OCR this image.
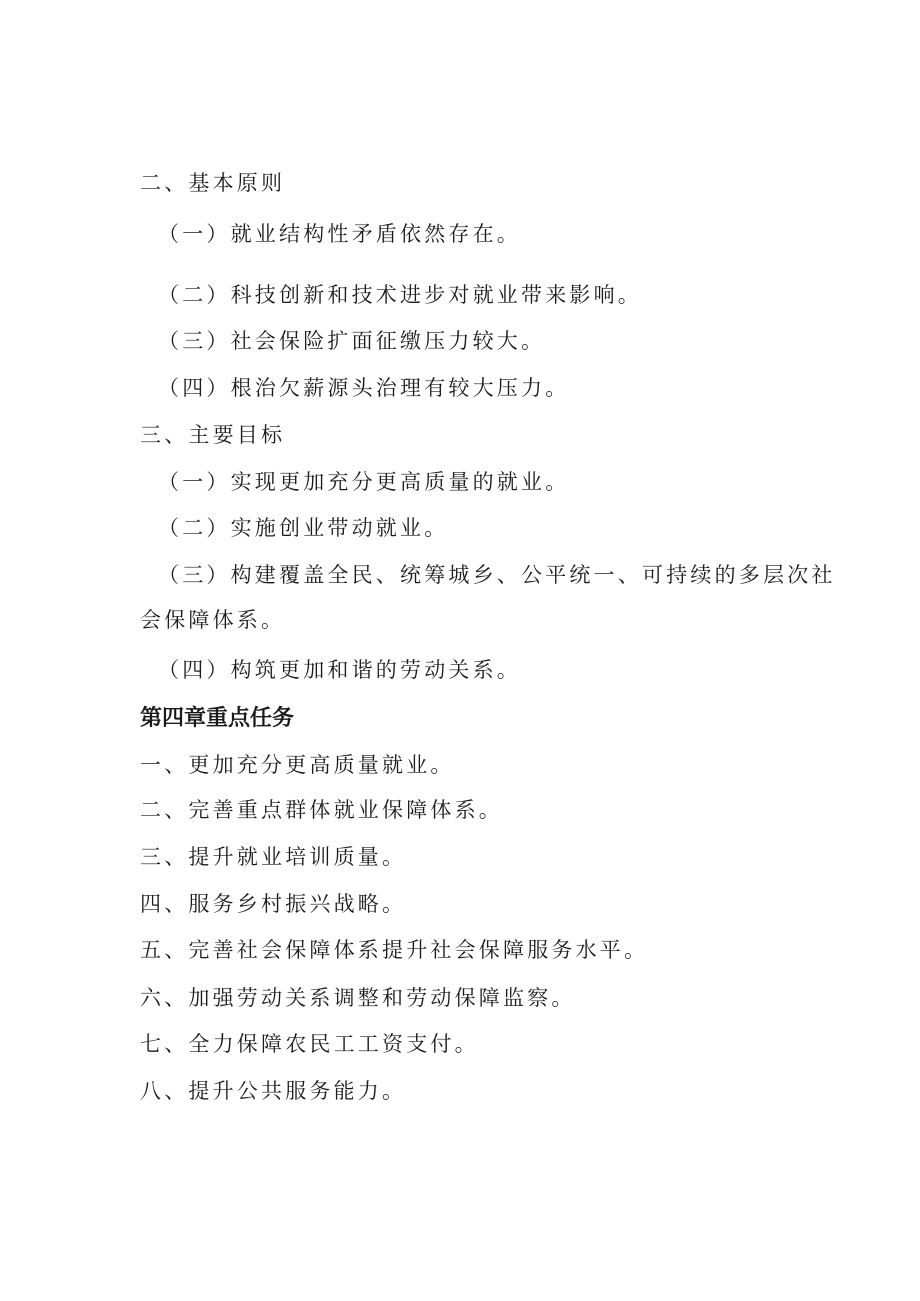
二、基本原则
（一）就业结构性矛盾依然存在。
（二）科技创新和技术进步对就业带来影响。
（三）社会保险扩面征缴压力较大。
（四）根治欠薪源头治理有较大压力。
三、主要目标
（一）实现更加充分更高质量的就业。
（二）实施创业带动就业。
（三）构建覆盖全民、统筹城乡、公平统一、可持续的多层次社
会保障体系。
（四）构筑更加和谐的劳动关系。
第四章重点任务
一、更加充分更高质量就业。
二、完善重点群体就业保障体系。
三、提升就业培训质量。
四、服务乡村振兴战略。
五、完善社会保障体系提升社会保障服务水平。
六、加强劳动关系调整和劳动保障监察。
七、全力保障农民工工资支付。
八、提升公共服务能力。
